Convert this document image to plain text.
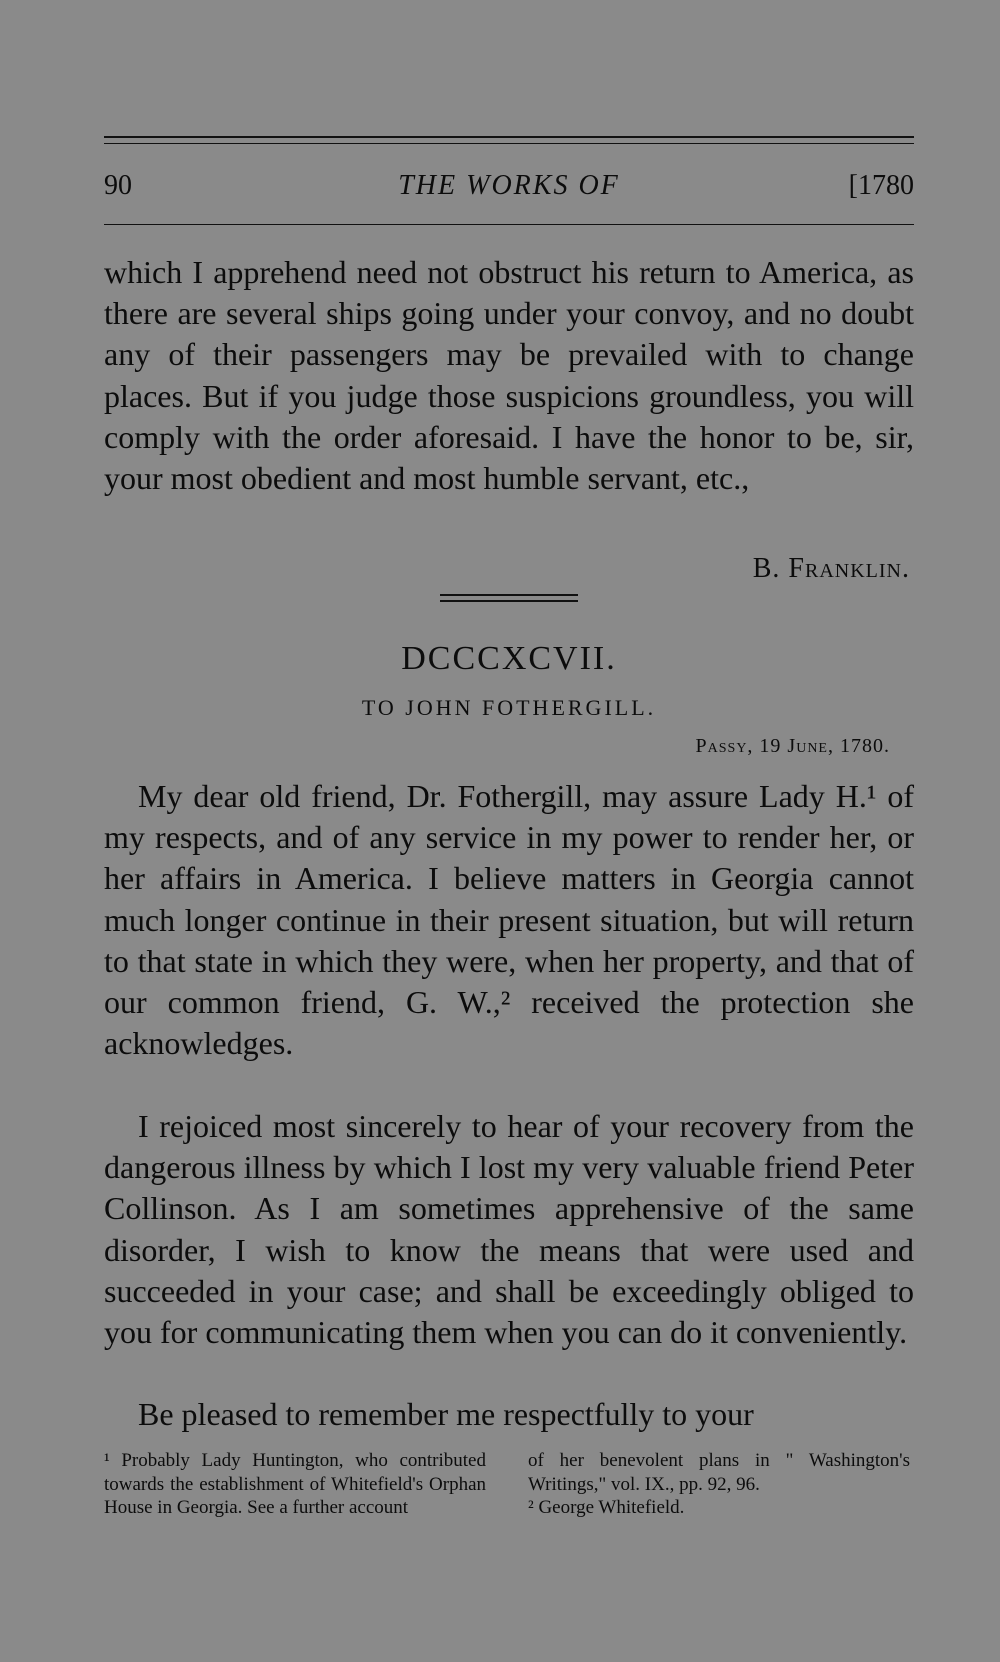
90	THE WORKS OF	[1780

which I apprehend need not obstruct his return to America, as there are several ships going under your convoy, and no doubt any of their passengers may be prevailed with to change places. But if you judge those suspicions groundless, you will comply with the order aforesaid. I have the honor to be, sir, your most obedient and most humble servant, etc.,

B. Franklin.
DCCCXCVII.
TO JOHN FOTHERGILL.
Passy, 19 June, 1780.

My dear old friend, Dr. Fothergill, may assure Lady H.¹ of my respects, and of any service in my power to render her, or her affairs in America. I believe matters in Georgia cannot much longer continue in their present situation, but will return to that state in which they were, when her property, and that of our common friend, G. W.,² received the protection she acknowledges.

I rejoiced most sincerely to hear of your recovery from the dangerous illness by which I lost my very valuable friend Peter Collinson. As I am sometimes apprehensive of the same disorder, I wish to know the means that were used and succeeded in your case; and shall be exceedingly obliged to you for communicating them when you can do it conveniently.

Be pleased to remember me respectfully to your

¹ Probably Lady Huntington, who contributed towards the establishment of Whitefield's Orphan House in Georgia. See a further account

of her benevolent plans in " Washington's Writings," vol. IX., pp. 92, 96.

² George Whitefield.
